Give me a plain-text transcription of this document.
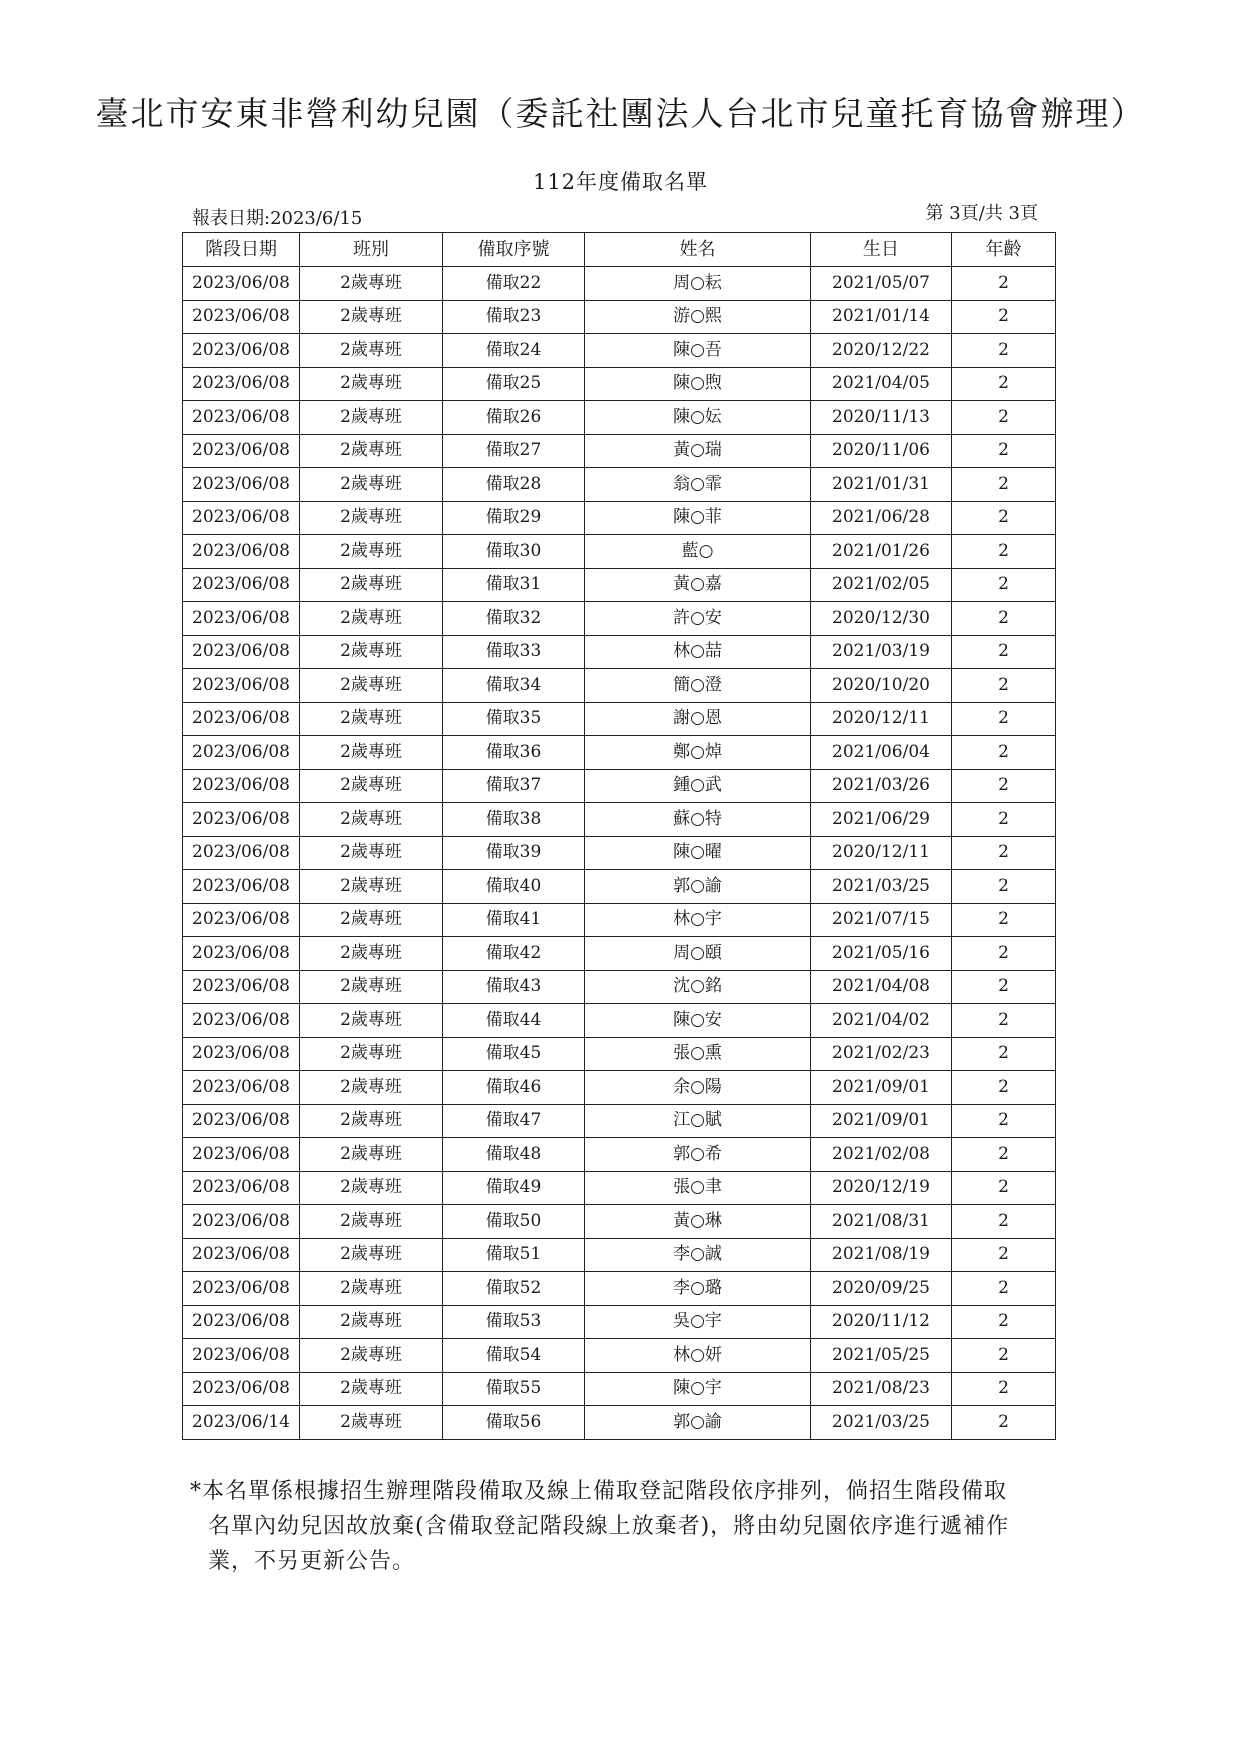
臺北市安東非營利幼兒園（委託社團法人台北市兒童托育協會辦理）
112年度備取名單
報表日期:2023/6/15	第 3頁/共 3頁
階段日期	班別	備取序號	姓名	生日	年齡
2023/06/08	2歲專班	備取22	周○耘	2021/05/07	2
2023/06/08	2歲專班	備取23	游○熙	2021/01/14	2
2023/06/08	2歲專班	備取24	陳○吾	2020/12/22	2
2023/06/08	2歲專班	備取25	陳○煦	2021/04/05	2
2023/06/08	2歲專班	備取26	陳○妘	2020/11/13	2
2023/06/08	2歲專班	備取27	黃○瑞	2020/11/06	2
2023/06/08	2歲專班	備取28	翁○霏	2021/01/31	2
2023/06/08	2歲專班	備取29	陳○菲	2021/06/28	2
2023/06/08	2歲專班	備取30	藍○	2021/01/26	2
2023/06/08	2歲專班	備取31	黃○嘉	2021/02/05	2
2023/06/08	2歲專班	備取32	許○安	2020/12/30	2
2023/06/08	2歲專班	備取33	林○喆	2021/03/19	2
2023/06/08	2歲專班	備取34	簡○澄	2020/10/20	2
2023/06/08	2歲專班	備取35	謝○恩	2020/12/11	2
2023/06/08	2歲專班	備取36	鄭○焯	2021/06/04	2
2023/06/08	2歲專班	備取37	鍾○武	2021/03/26	2
2023/06/08	2歲專班	備取38	蘇○特	2021/06/29	2
2023/06/08	2歲專班	備取39	陳○曜	2020/12/11	2
2023/06/08	2歲專班	備取40	郭○諭	2021/03/25	2
2023/06/08	2歲專班	備取41	林○宇	2021/07/15	2
2023/06/08	2歲專班	備取42	周○頤	2021/05/16	2
2023/06/08	2歲專班	備取43	沈○銘	2021/04/08	2
2023/06/08	2歲專班	備取44	陳○安	2021/04/02	2
2023/06/08	2歲專班	備取45	張○熏	2021/02/23	2
2023/06/08	2歲專班	備取46	余○陽	2021/09/01	2
2023/06/08	2歲專班	備取47	江○賦	2021/09/01	2
2023/06/08	2歲專班	備取48	郭○希	2021/02/08	2
2023/06/08	2歲專班	備取49	張○聿	2020/12/19	2
2023/06/08	2歲專班	備取50	黃○琳	2021/08/31	2
2023/06/08	2歲專班	備取51	李○誠	2021/08/19	2
2023/06/08	2歲專班	備取52	李○璐	2020/09/25	2
2023/06/08	2歲專班	備取53	吳○宇	2020/11/12	2
2023/06/08	2歲專班	備取54	林○妍	2021/05/25	2
2023/06/08	2歲專班	備取55	陳○宇	2021/08/23	2
2023/06/14	2歲專班	備取56	郭○諭	2021/03/25	2
*本名單係根據招生辦理階段備取及線上備取登記階段依序排列，倘招生階段備取
名單內幼兒因故放棄(含備取登記階段線上放棄者)，將由幼兒園依序進行遞補作
業，不另更新公告。
